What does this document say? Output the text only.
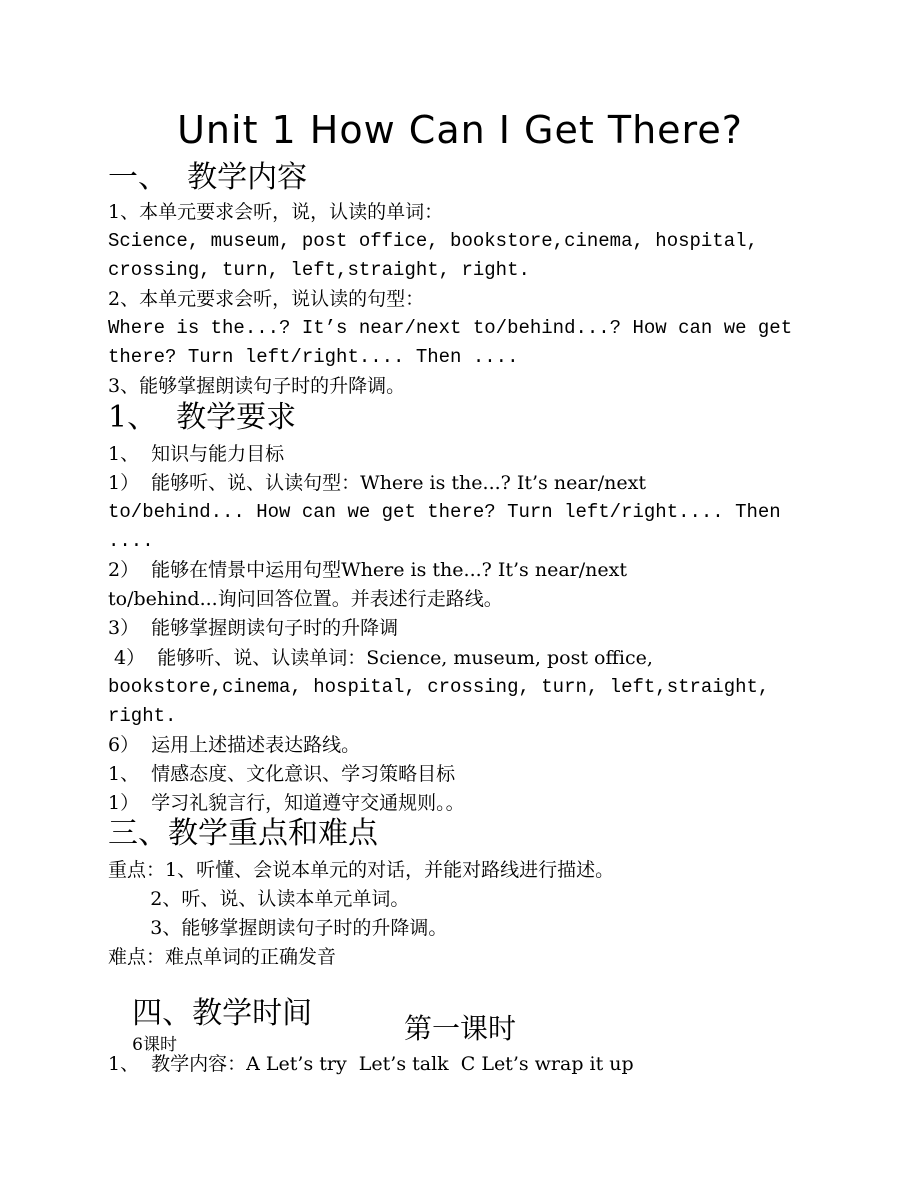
Unit 1 How Can I Get There?
一、  教学内容
1、本单元要求会听，说，认读的单词：
Science, museum, post office, bookstore,cinema, hospital,
crossing, turn, left,straight, right.
2、本单元要求会听，说认读的句型：
Where is the...? It’s near/next to/behind...? How can we get
there? Turn left/right.... Then ....
3、能够掌握朗读句子时的升降调。
1、  教学要求
1、  知识与能力目标
1）  能够听、说、认读句型：Where is the...? It’s near/next
to/behind... How can we get there? Turn left/right.... Then
....
2）  能够在情景中运用句型Where is the...? It’s near/next
to/behind...询问回答位置。并表述行走路线。
3）  能够掌握朗读句子时的升降调
4）  能够听、说、认读单词：Science, museum, post office,
bookstore,cinema, hospital, crossing, turn, left,straight,
right.
6）  运用上述描述表达路线。
1、  情感态度、文化意识、学习策略目标
1）  学习礼貌言行，知道遵守交通规则。。
三、教学重点和难点
重点：1、听懂、会说本单元的对话，并能对路线进行描述。
2、听、说、认读本单元单词。
3、能够掌握朗读句子时的升降调。
难点：难点单词的正确发音

四、教学时间
6课时
	第一课时
1、  教学内容：A Let’s try  Let’s talk  C Let’s wrap it up
